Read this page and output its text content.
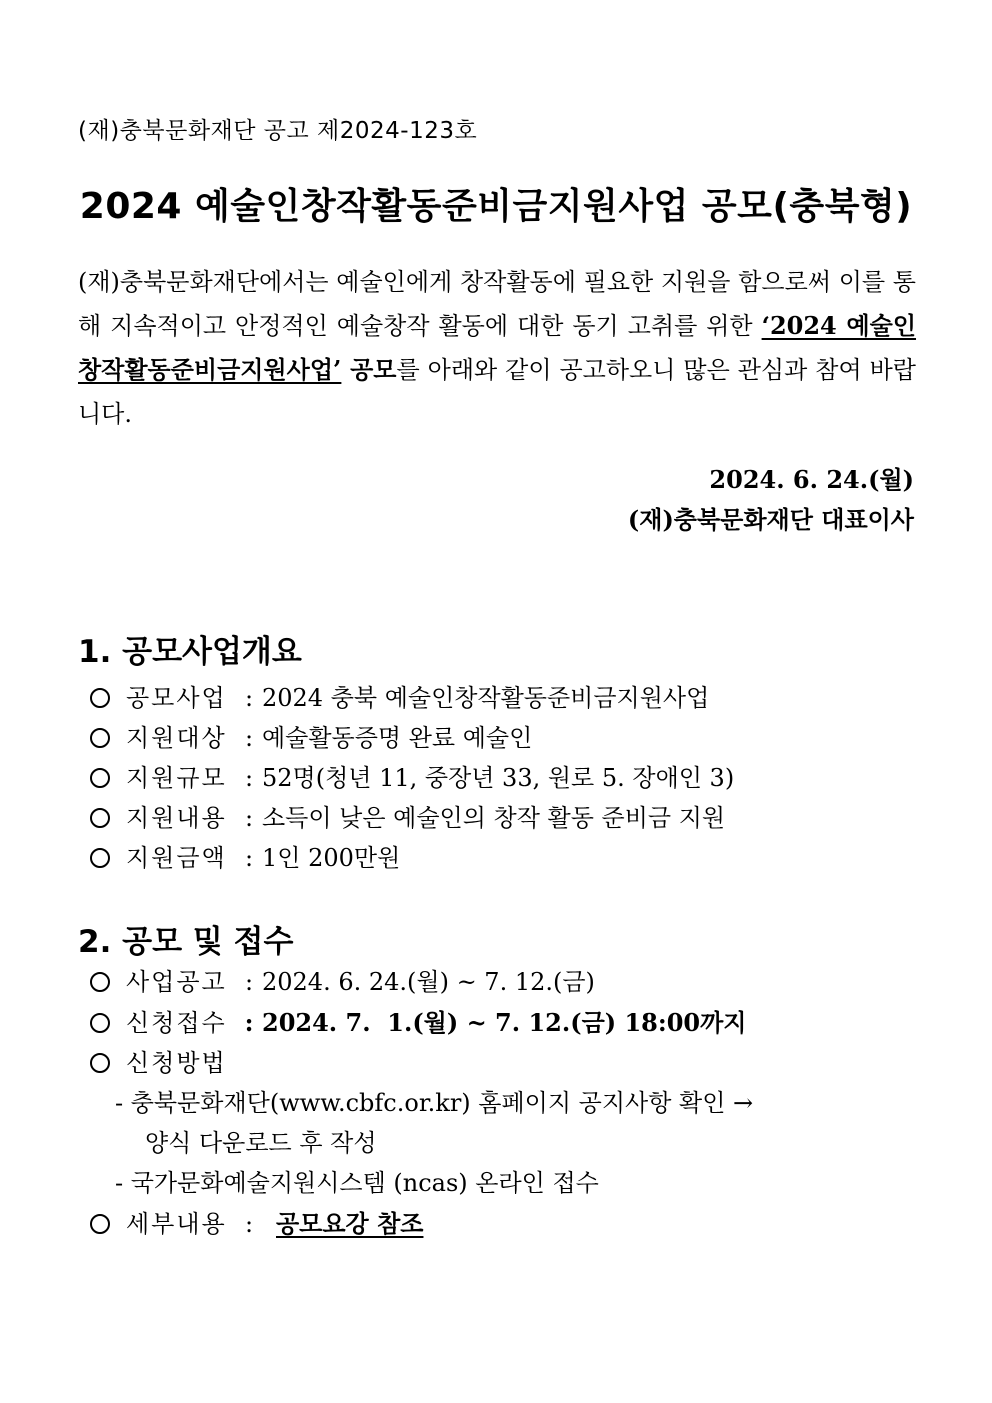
(재)충북문화재단 공고 제2024-123호
2024 예술인창작활동준비금지원사업 공모(충북형)
(재)충북문화재단에서는 예술인에게 창작활동에 필요한 지원을 함으로써 이를 통해 지속적이고 안정적인 예술창작 활동에 대한 동기 고취를 위한 ‘2024 예술인창작활동준비금지원사업’ 공모를 아래와 같이 공고하오니 많은 관심과 참여 바랍니다.
2024. 6. 24.(월)
(재)충북문화재단 대표이사
1. 공모사업개요
공모사업 : 2024 충북 예술인창작활동준비금지원사업
지원대상 : 예술활동증명 완료 예술인
지원규모 : 52명(청년 11, 중장년 33, 원로 5. 장애인 3)
지원내용 : 소득이 낮은 예술인의 창작 활동 준비금 지원
지원금액 : 1인 200만원
2. 공모 및 접수
사업공고 : 2024. 6. 24.(월) ~ 7. 12.(금)
신청접수 : 2024. 7.  1.(월) ~ 7. 12.(금) 18:00까지
신청방법
- 충북문화재단(www.cbfc.or.kr) 홈페이지 공지사항 확인 →
양식 다운로드 후 작성
- 국가문화예술지원시스템 (ncas) 온라인 접수
세부내용 : 공모요강 참조
